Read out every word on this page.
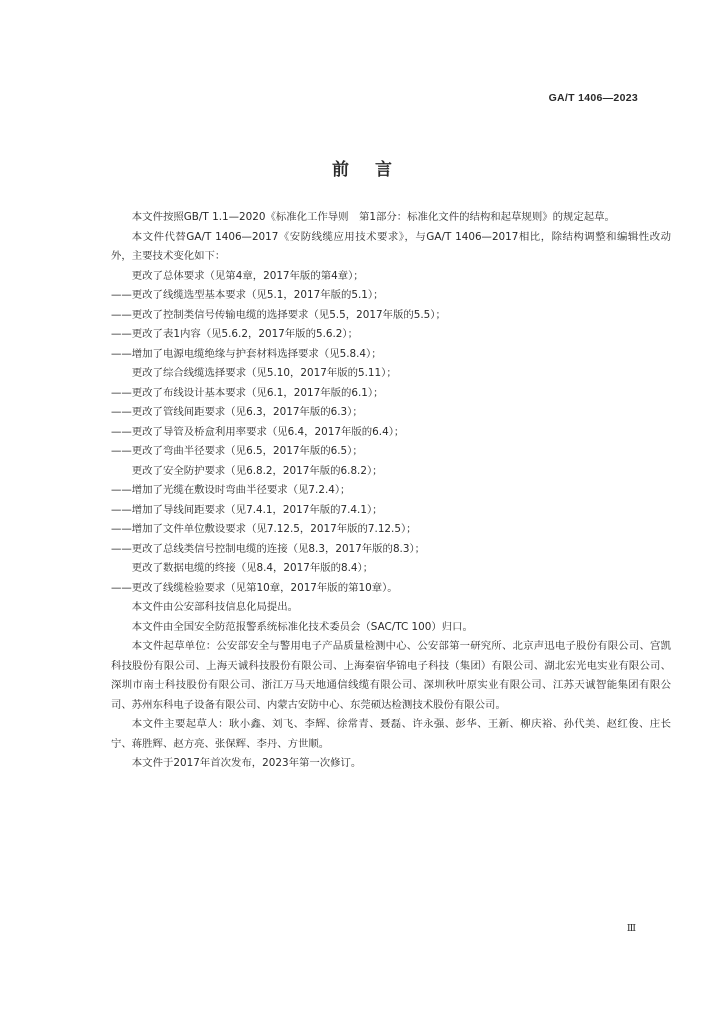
GA/T 1406—2023
前言

本文件按照GB/T 1.1—2020《标准化工作导则　第1部分：标准化文件的结构和起草规则》的规定起草。

本文件代替GA/T 1406—2017《安防线缆应用技术要求》，与GA/T 1406—2017相比，除结构调整和编辑性改动外，主要技术变化如下：

更改了总体要求（见第4章，2017年版的第4章）；

——更改了线缆选型基本要求（见5.1，2017年版的5.1）；

——更改了控制类信号传输电缆的选择要求（见5.5，2017年版的5.5）；

——更改了表1内容（见5.6.2，2017年版的5.6.2）；

——增加了电源电缆绝缘与护套材料选择要求（见5.8.4）；

更改了综合线缆选择要求（见5.10，2017年版的5.11）；

——更改了布线设计基本要求（见6.1，2017年版的6.1）；

——更改了管线间距要求（见6.3，2017年版的6.3）；

——更改了导管及桥盒利用率要求（见6.4，2017年版的6.4）；

——更改了弯曲半径要求（见6.5，2017年版的6.5）；

更改了安全防护要求（见6.8.2，2017年版的6.8.2）；

——增加了光缆在敷设时弯曲半径要求（见7.2.4）；

——增加了导线间距要求（见7.4.1，2017年版的7.4.1）；

——增加了文件单位敷设要求（见7.12.5，2017年版的7.12.5）；

——更改了总线类信号控制电缆的连接（见8.3，2017年版的8.3）；

更改了数据电缆的终接（见8.4，2017年版的8.4）；

——更改了线缆检验要求（见第10章，2017年版的第10章）。

本文件由公安部科技信息化局提出。

本文件由全国安全防范报警系统标准化技术委员会（SAC/TC 100）归口。

本文件起草单位：公安部安全与警用电子产品质量检测中心、公安部第一研究所、北京声迅电子股份有限公司、宫凯科技股份有限公司、上海天诚科技股份有限公司、上海秦宿华锦电子科技（集团）有限公司、湖北宏光电实业有限公司、深圳市南士科技股份有限公司、浙江万马天地通信线缆有限公司、深圳秋叶原实业有限公司、江苏天诚智能集团有限公司、苏州东科电子设备有限公司、内蒙古安防中心、东莞硕达检测技术股份有限公司。

本文件主要起草人：耿小鑫、刘飞、李辉、徐常青、聂磊、许永强、彭华、王新、柳庆裕、孙代美、赵红俊、庄长宁、蒋胜辉、赵方亮、张保辉、李丹、方世顺。

本文件于2017年首次发布，2023年第一次修订。

Ⅲ
